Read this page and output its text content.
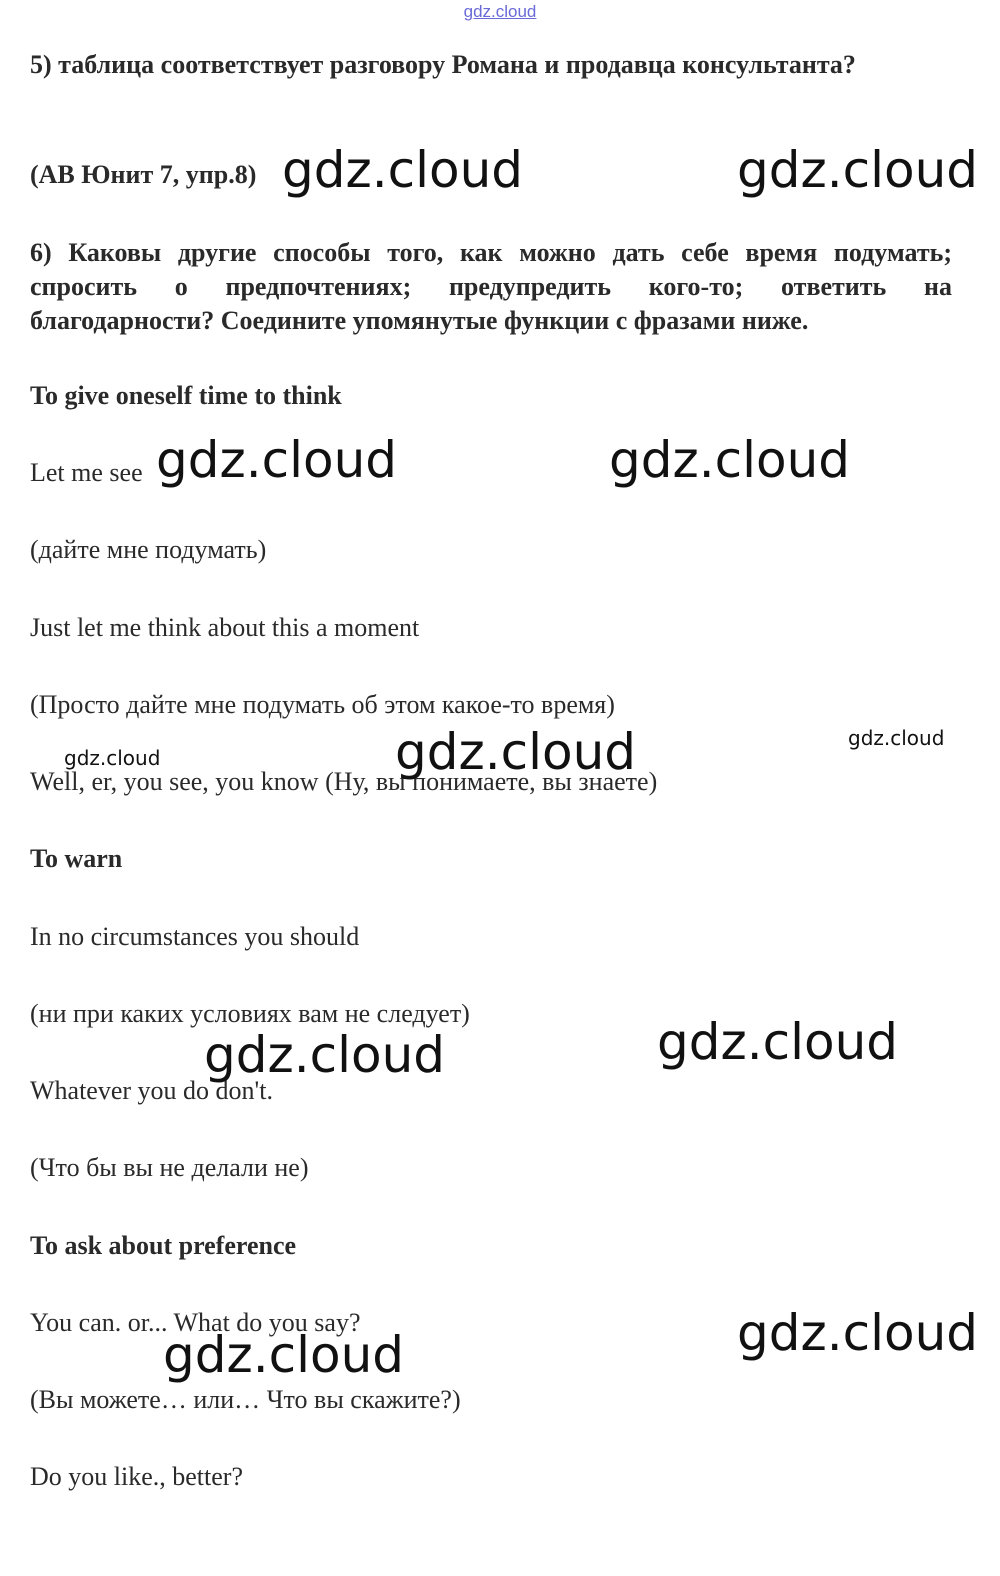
gdz.cloud
5) таблица соответствует разговору Романа и продавца консультанта?
(АВ Юнит 7, упр.8)
6) Каковы другие способы того, как можно дать себе время подумать; спросить о предпочтениях; предупредить кого-то; ответить на благодарности? Соедините упомянутые функции с фразами ниже.
To give oneself time to think
Let me see
(дайте мне подумать)
Just let me think about this a moment
(Просто дайте мне подумать об этом какое-то время)
Well, er, you see, you know (Ну, вы понимаете, вы знаете)
To warn
In no circumstances you should
(ни при каких условиях вам не следует)
Whatever you do don't.
(Что бы вы не делали не)
To ask about preference
You can. or... What do you say?
(Вы можете… или… Что вы скажите?)
Do you like., better?
gdz.cloud	gdz.cloud
gdz.cloud	gdz.cloud
gdz.cloud
gdz.cloud
gdz.cloud
gdz.cloud	gdz.cloud
gdz.cloud
gdz.cloud
